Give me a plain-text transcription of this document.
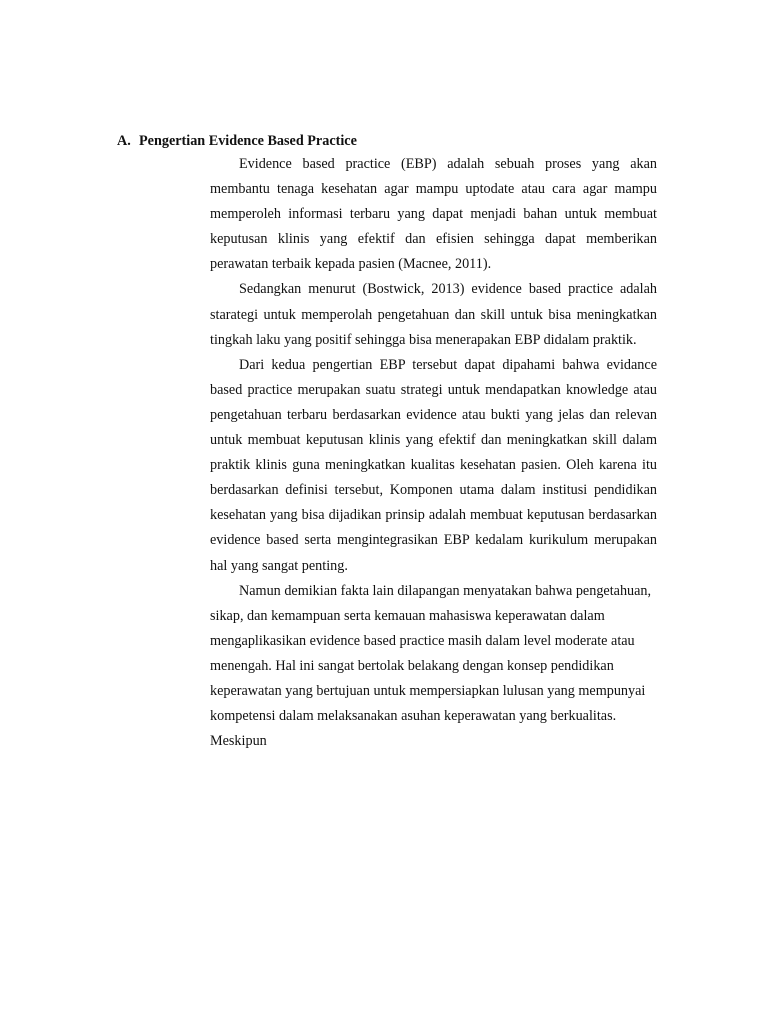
A. Pengertian Evidence Based Practice

Evidence based practice (EBP) adalah sebuah proses yang akan membantu tenaga kesehatan agar mampu uptodate atau cara agar mampu memperoleh informasi terbaru yang dapat menjadi bahan untuk membuat keputusan klinis yang efektif dan efisien sehingga dapat memberikan perawatan terbaik kepada pasien (Macnee, 2011).

Sedangkan menurut (Bostwick, 2013) evidence based practice adalah starategi untuk memperolah pengetahuan dan skill untuk bisa meningkatkan tingkah laku yang positif sehingga bisa menerapakan EBP didalam praktik.

Dari kedua pengertian EBP tersebut dapat dipahami bahwa evidance based practice merupakan suatu strategi untuk mendapatkan knowledge atau pengetahuan terbaru berdasarkan evidence atau bukti yang jelas dan relevan untuk membuat keputusan klinis yang efektif dan meningkatkan skill dalam praktik klinis guna meningkatkan kualitas kesehatan pasien. Oleh karena itu berdasarkan definisi tersebut, Komponen utama dalam institusi pendidikan kesehatan yang bisa dijadikan prinsip adalah membuat keputusan berdasarkan evidence based serta mengintegrasikan EBP kedalam kurikulum merupakan hal yang sangat penting.

Namun demikian fakta lain dilapangan menyatakan bahwa pengetahuan, sikap, dan kemampuan serta kemauan mahasiswa keperawatan dalam mengaplikasikan evidence based practice masih dalam level moderate atau menengah. Hal ini sangat bertolak belakang dengan konsep pendidikan keperawatan yang bertujuan untuk mempersiapkan lulusan yang mempunyai kompetensi dalam melaksanakan asuhan keperawatan yang berkualitas. Meskipun
